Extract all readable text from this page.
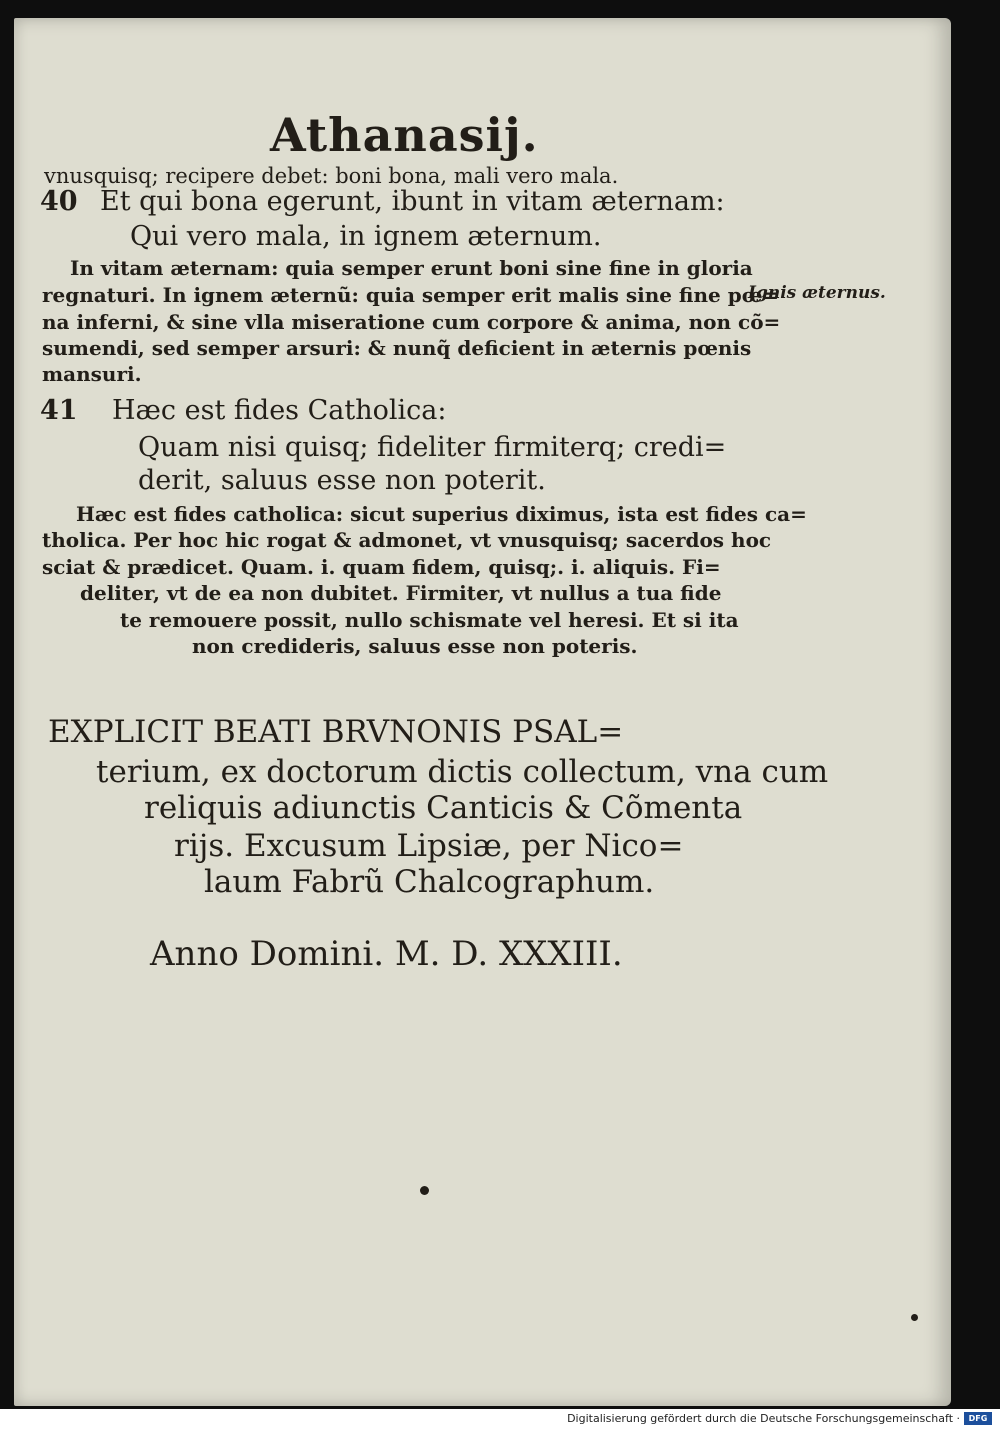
Athanasij.
vnusquisq; recipere debet: boni bona, mali vero mala.
40 Et qui bona egerunt, ibunt in vitam æternam:
Qui vero mala, in ignem æternum.
In vitam æternam: quia semper erunt boni sine fine in gloria
regnaturi. In ignem æternũ: quia semper erit malis sine fine pœ=
Ignis æternus.
na inferni, & sine vlla miseratione cum corpore & anima, non cõ=
sumendi, sed semper arsuri: & nunq̃ deficient in æternis pœnis
mansuri.
41 Hæc est fides Catholica:
Quam nisi quisq; fideliter firmiterq; credi=
derit, saluus esse non poterit.
Hæc est fides catholica: sicut superius diximus, ista est fides ca=
tholica. Per hoc hic rogat & admonet, vt vnusquisq; sacerdos hoc
sciat & prædicet. Quam. i. quam fidem, quisq;. i. aliquis. Fi=
deliter, vt de ea non dubitet. Firmiter, vt nullus a tua fide
te remouere possit, nullo schismate vel heresi. Et si ita
non credideris, saluus esse non poteris.
EXPLICIT BEATI BRVNONIS PSAL=
terium, ex doctorum dictis collectum, vna cum
reliquis adiunctis Canticis & Cõmenta
rijs. Excusum Lipsiæ, per Nico=
laum Fabrũ Chalcographum.
Anno Domini. M. D. XXXIII.
Digitalisierung gefördert durch die Deutsche Forschungsgemeinschaft ·	DFG
